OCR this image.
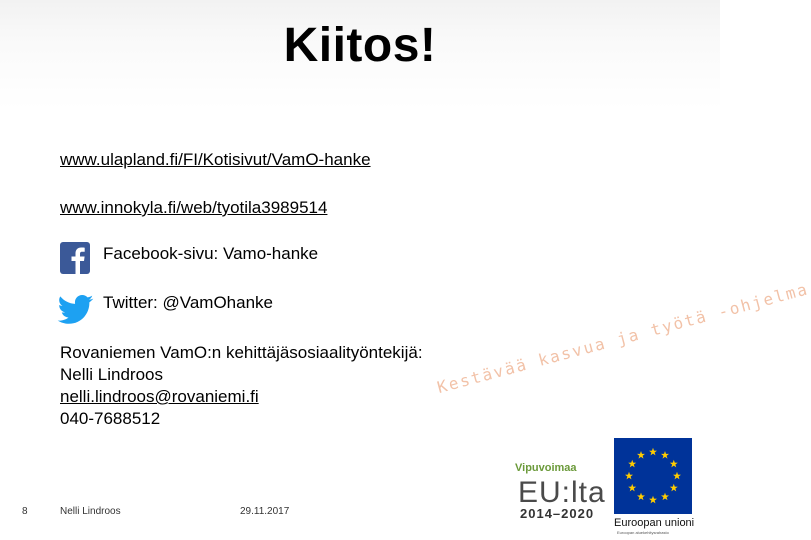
Kiitos!
www.ulapland.fi/FI/Kotisivut/VamO-hanke
www.innokyla.fi/web/tyotila3989514
Facebook-sivu: Vamo-hanke
Twitter: @VamOhanke
Rovaniemen VamO:n kehittäjäsosiaalityöntekijä:
Nelli Lindroos
nelli.lindroos@rovaniemi.fi
040-7688512
Kestävää kasvua ja työtä -ohjelma
8	Nelli Lindroos	29.11.2017
Vipuvoimaa
EU:lta
2014–2020
Euroopan unioni
Euroopan aluekehitysrahasto
